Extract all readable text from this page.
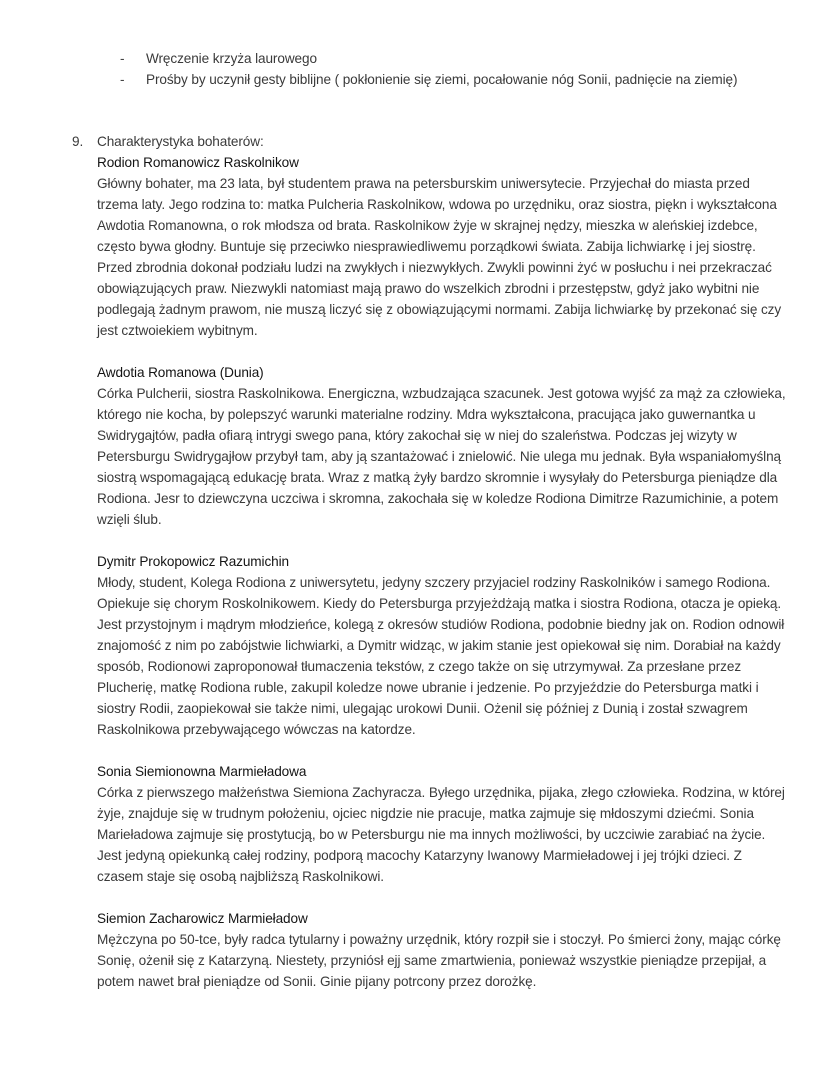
-	Wręczenie krzyża laurowego
-	Prośby by uczynił gesty biblijne ( pokłonienie się ziemi, pocałowanie nóg Sonii, padnięcie na ziemię)
9.	Charakterystyka bohaterów:
Rodion Romanowicz Raskolnikow

Główny bohater, ma 23 lata, był studentem prawa na petersburskim uniwersytecie. Przyjechał do miasta przed trzema laty. Jego rodzina to: matka Pulcheria Raskolnikow, wdowa po urzędniku, oraz siostra, piękn i wykształcona Awdotia Romanowna, o rok młodsza od brata. Raskolnikow żyje w skrajnej nędzy, mieszka w aleńskiej izdebce, często bywa głodny. Buntuje się przeciwko niesprawiedliwemu porządkowi świata. Zabija lichwiarkę i jej siostrę. Przed zbrodnia dokonał podziału ludzi na zwykłych i niezwykłych. Zwykli powinni żyć w posłuchu i nei przekraczać obowiązujących praw. Niezwykli natomiast mają prawo do wszelkich zbrodni i przestępstw, gdyż jako wybitni nie podlegają żadnym prawom, nie muszą liczyć się z obowiązującymi normami. Zabija lichwiarkę by przekonać się czy jest cztwoiekiem wybitnym.

Awdotia Romanowa (Dunia)

Córka Pulcherii, siostra Raskolnikowa. Energiczna, wzbudzająca szacunek. Jest gotowa wyjść za mąż za człowieka, którego nie kocha, by polepszyć warunki materialne rodziny. Mdra wykształcona, pracująca jako guwernantka u Swidrygajtów, padła ofiarą intrygi swego pana, który zakochał się w niej do szaleństwa. Podczas jej wizyty w Petersburgu Swidrygajłow przybył tam, aby ją szantażować i znielowić. Nie ulega mu jednak. Była wspaniałomyślną siostrą wspomagającą edukację brata. Wraz z matką żyły bardzo skromnie i wysyłały do Petersburga pieniądze dla Rodiona. Jesr to dziewczyna uczciwa i skromna, zakochała się w koledze Rodiona Dimitrze Razumichinie, a potem wzięli ślub.

Dymitr Prokopowicz Razumichin

Młody, student, Kolega Rodiona z uniwersytetu, jedyny szczery przyjaciel rodziny Raskolników i samego Rodiona. Opiekuje się chorym Roskolnikowem. Kiedy do Petersburga przyjeżdżają matka i siostra Rodiona, otacza je opieką. Jest przystojnym i mądrym młodzieńce, kolegą z okresów studiów Rodiona, podobnie biedny jak on. Rodion odnowił znajomość z nim po zabójstwie lichwiarki, a Dymitr widząc, w jakim stanie jest opiekował się nim. Dorabiał na każdy sposób, Rodionowi zaproponował tłumaczenia tekstów, z czego także on się utrzymywał. Za przesłane przez Plucherię, matkę Rodiona ruble, zakupil koledze nowe ubranie i jedzenie. Po przyjeździe do Petersburga matki i siostry Rodii, zaopiekował sie także nimi, ulegając urokowi Dunii. Ożenil się później z Dunią i został szwagrem Raskolnikowa przebywającego wówczas na katordze.

Sonia Siemionowna Marmieładowa

Córka z pierwszego małżeństwa Siemiona Zachyracza. Byłego urzędnika, pijaka, złego człowieka. Rodzina, w której żyje, znajduje się w trudnym położeniu, ojciec nigdzie nie pracuje, matka zajmuje się młdoszymi dziećmi. Sonia Marieładowa zajmuje się prostytucją, bo w Petersburgu nie ma innych możliwości, by uczciwie zarabiać na życie. Jest jedyną opiekunką całej rodziny, podporą macochy Katarzyny Iwanowy Marmieładowej i jej trójki dzieci. Z czasem staje się osobą najbliższą Raskolnikowi.

Siemion Zacharowicz Marmieładow

Mężczyna po 50-tce, były radca tytularny i poważny urzędnik, który rozpił sie i stoczył. Po śmierci żony, mając córkę Sonię, ożenił się z Katarzyną. Niestety, przyniósł ejj same zmartwienia, ponieważ wszystkie pieniądze przepijał, a potem nawet brał pieniądze od Sonii. Ginie pijany potrcony przez dorożkę.
